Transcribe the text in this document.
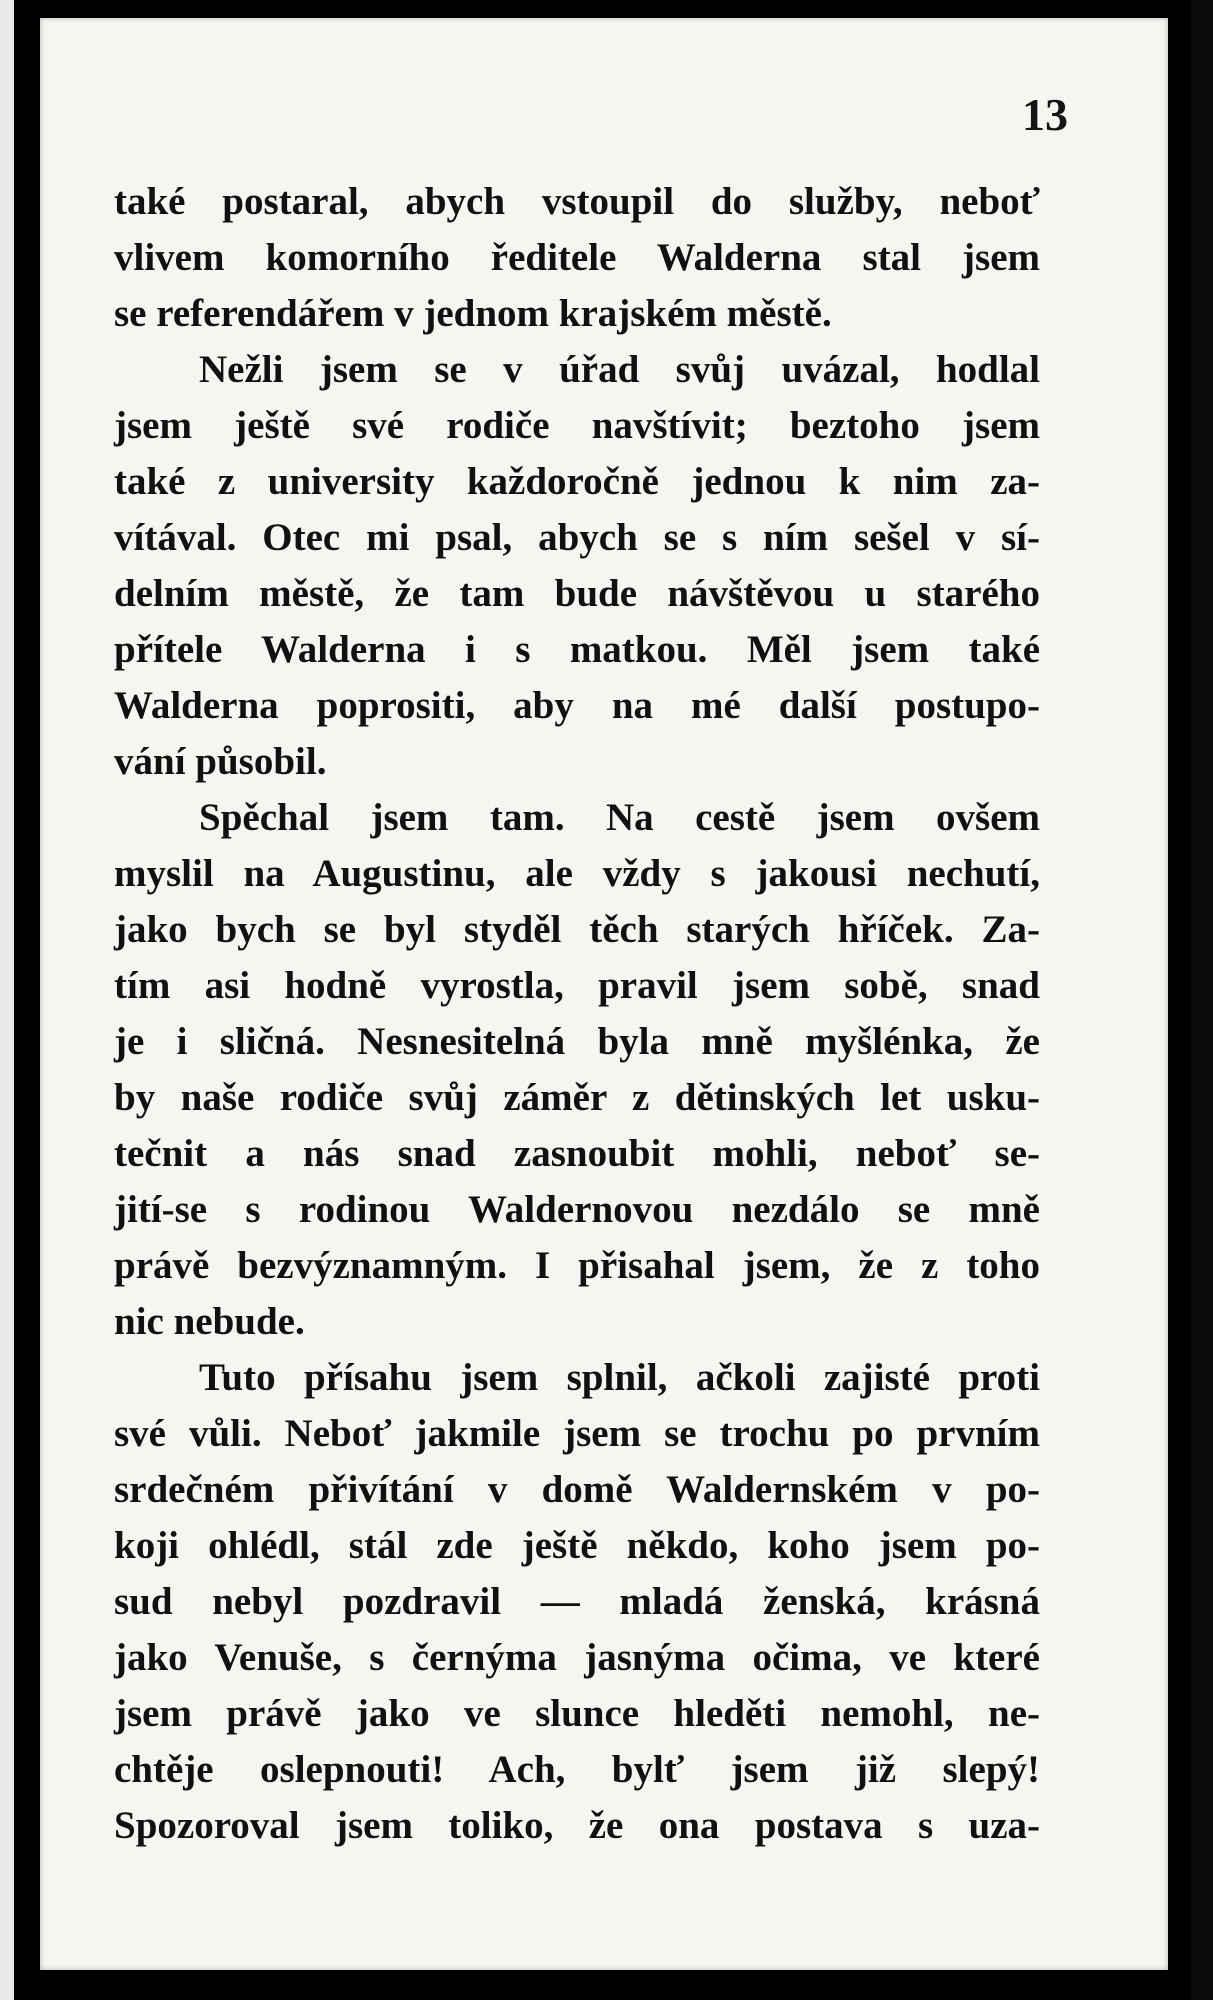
13
také postaral, abych vstoupil do služby, neboť
vlivem komorního ředitele Walderna stal jsem
se referendářem v jednom krajském městě.
Nežli jsem se v úřad svůj uvázal, hodlal
jsem ještě své rodiče navštívit; beztoho jsem
také z university každoročně jednou k nim za-
vítával. Otec mi psal, abych se s ním sešel v sí-
delním městě, že tam bude návštěvou u starého
přítele Walderna i s matkou. Měl jsem také
Walderna poprositi, aby na mé další postupo-
vání působil.
Spěchal jsem tam. Na cestě jsem ovšem
myslil na Augustinu, ale vždy s jakousi nechutí,
jako bych se byl styděl těch starých hříček. Za-
tím asi hodně vyrostla, pravil jsem sobě, snad
je i sličná. Nesnesitelná byla mně myšlénka, že
by naše rodiče svůj záměr z dětinských let usku-
tečnit a nás snad zasnoubit mohli, neboť se-
jití-se s rodinou Waldernovou nezdálo se mně
právě bezvýznamným. I přisahal jsem, že z toho
nic nebude.
Tuto přísahu jsem splnil, ačkoli zajisté proti
své vůli. Neboť jakmile jsem se trochu po prvním
srdečném přivítání v domě Waldernském v po-
koji ohlédl, stál zde ještě někdo, koho jsem po-
sud nebyl pozdravil — mladá ženská, krásná
jako Venuše, s černýma jasnýma očima, ve které
jsem právě jako ve slunce hleděti nemohl, ne-
chtěje oslepnouti! Ach, bylť jsem již slepý!
Spozoroval jsem toliko, že ona postava s uza-
